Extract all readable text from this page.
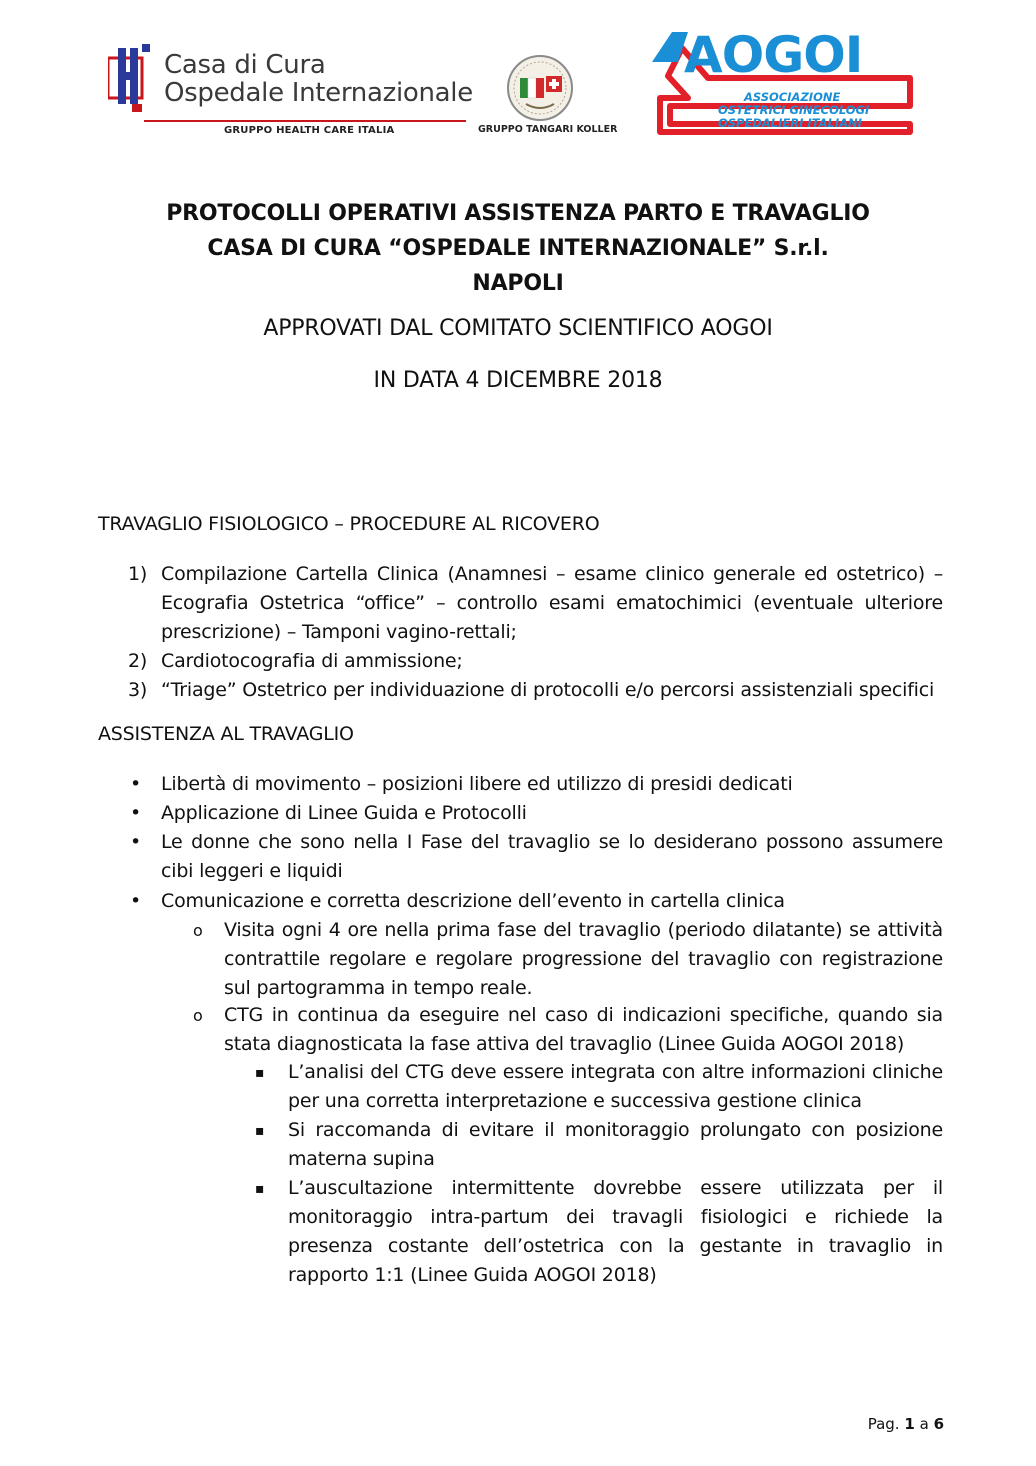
Casa di Cura
Ospedale Internazionale
GRUPPO HEALTH CARE ITALIA	GRUPPO TANGARI KOLLER
AOGOI
ASSOCIAZIONE
OSTETRICI GINECOLOGI
OSPEDALIERI ITALIANI
PROTOCOLLI OPERATIVI ASSISTENZA PARTO E TRAVAGLIO
CASA DI CURA “OSPEDALE INTERNAZIONALE” S.r.l.
NAPOLI
APPROVATI DAL COMITATO SCIENTIFICO AOGOI
IN DATA 4 DICEMBRE 2018
TRAVAGLIO FISIOLOGICO – PROCEDURE AL RICOVERO
1) Compilazione Cartella Clinica (Anamnesi – esame clinico generale ed ostetrico) – Ecografia Ostetrica “office” – controllo esami ematochimici (eventuale ulteriore prescrizione) – Tamponi vagino-rettali;
2) Cardiotocografia di ammissione;
3) “Triage” Ostetrico per individuazione di protocolli e/o percorsi assistenziali specifici
ASSISTENZA AL TRAVAGLIO
• Libertà di movimento – posizioni libere ed utilizzo di presidi dedicati
• Applicazione di Linee Guida e Protocolli
• Le donne che sono nella I Fase del travaglio se lo desiderano possono assumere cibi leggeri e liquidi
• Comunicazione e corretta descrizione dell’evento in cartella clinica
o Visita ogni 4 ore nella prima fase del travaglio (periodo dilatante) se attività contrattile regolare e regolare progressione del travaglio con registrazione sul partogramma in tempo reale.
o CTG in continua da eseguire nel caso di indicazioni specifiche, quando sia stata diagnosticata la fase attiva del travaglio (Linee Guida AOGOI 2018)
▪ L’analisi del CTG deve essere integrata con altre informazioni cliniche per una corretta interpretazione e successiva gestione clinica
▪ Si raccomanda di evitare il monitoraggio prolungato con posizione materna supina
▪ L’auscultazione intermittente dovrebbe essere utilizzata per il monitoraggio intra-partum dei travagli fisiologici e richiede la presenza costante dell’ostetrica con la gestante in travaglio in rapporto 1:1 (Linee Guida AOGOI 2018)
Pag. 1 a 6
